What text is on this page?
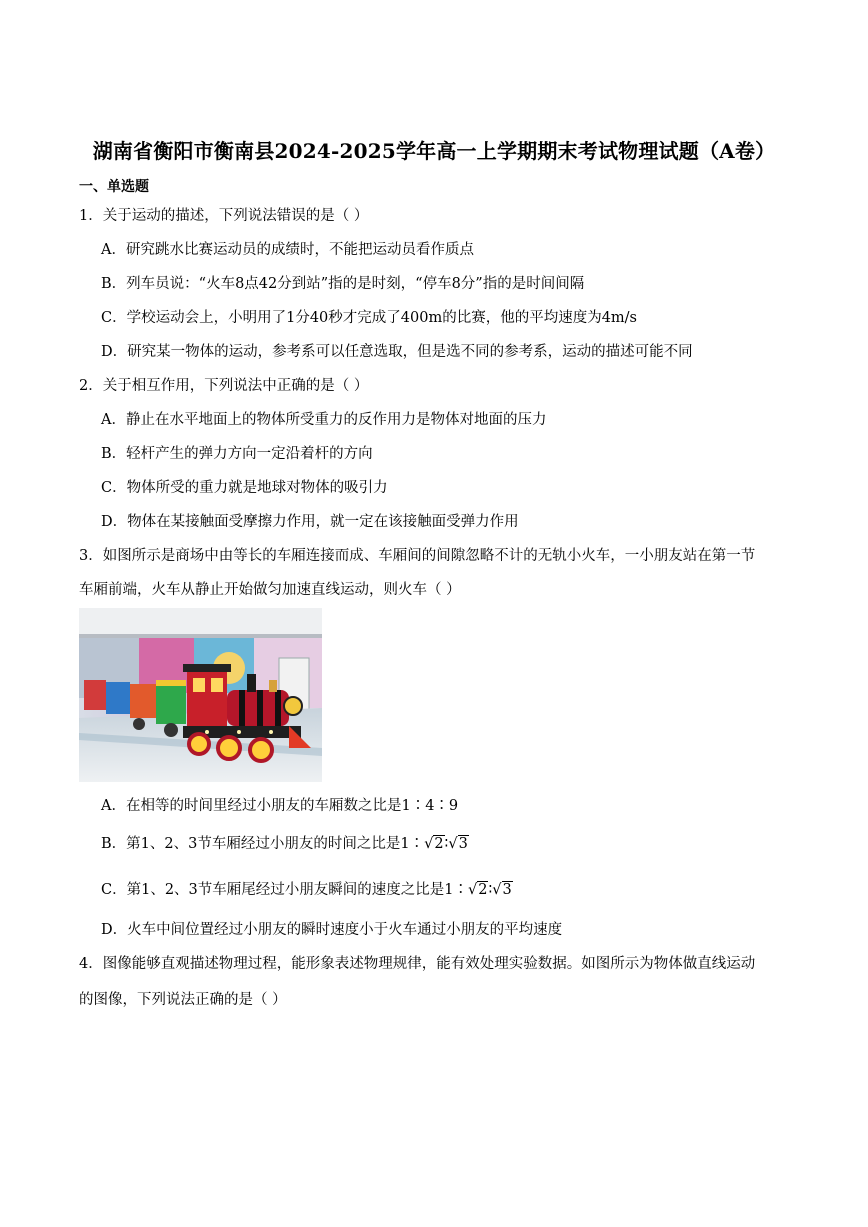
湖南省衡阳市衡南县2024-2025学年高一上学期期末考试物理试题（A卷）
一、单选题
1．关于运动的描述，下列说法错误的是（ ）
A．研究跳水比赛运动员的成绩时，不能把运动员看作质点
B．列车员说：“火车8点42分到站”指的是时刻，“停车8分”指的是时间间隔
C．学校运动会上，小明用了1分40秒才完成了400m的比赛，他的平均速度为4m/s
D．研究某一物体的运动，参考系可以任意选取，但是选不同的参考系，运动的描述可能不同
2．关于相互作用，下列说法中正确的是（ ）
A．静止在水平地面上的物体所受重力的反作用力是物体对地面的压力
B．轻杆产生的弹力方向一定沿着杆的方向
C．物体所受的重力就是地球对物体的吸引力
D．物体在某接触面受摩擦力作用，就一定在该接触面受弹力作用
3．如图所示是商场中由等长的车厢连接而成、车厢间的间隙忽略不计的无轨小火车，一小朋友站在第一节
车厢前端，火车从静止开始做匀加速直线运动，则火车（ ）
A．在相等的时间里经过小朋友的车厢数之比是1∶4∶9
B．第1、2、3节车厢经过小朋友的时间之比是1∶√2∶√3
C．第1、2、3节车厢尾经过小朋友瞬间的速度之比是1∶√2∶√3
D．火车中间位置经过小朋友的瞬时速度小于火车通过小朋友的平均速度
4．图像能够直观描述物理过程，能形象表述物理规律，能有效处理实验数据。如图所示为物体做直线运动
的图像，下列说法正确的是（ ）
